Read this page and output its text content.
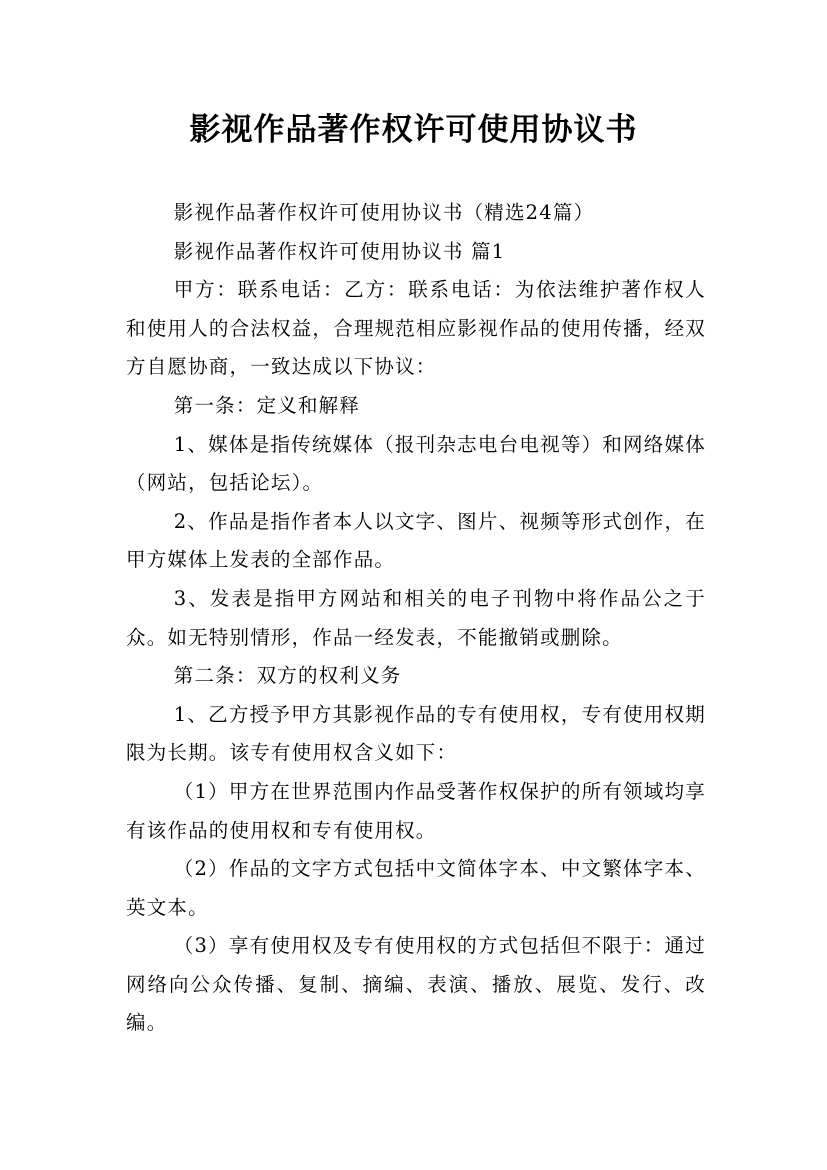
影视作品著作权许可使用协议书

影视作品著作权许可使用协议书（精选24篇）

影视作品著作权许可使用协议书 篇1

甲方：联系电话：乙方：联系电话：为依法维护著作权人和使用人的合法权益，合理规范相应影视作品的使用传播，经双方自愿协商，一致达成以下协议：

第一条：定义和解释

1、媒体是指传统媒体（报刊杂志电台电视等）和网络媒体（网站，包括论坛）。

2、作品是指作者本人以文字、图片、视频等形式创作，在甲方媒体上发表的全部作品。

3、发表是指甲方网站和相关的电子刊物中将作品公之于众。如无特别情形，作品一经发表，不能撤销或删除。

第二条：双方的权利义务

1、乙方授予甲方其影视作品的专有使用权，专有使用权期限为长期。该专有使用权含义如下：

（1）甲方在世界范围内作品受著作权保护的所有领域均享有该作品的使用权和专有使用权。

（2）作品的文字方式包括中文简体字本、中文繁体字本、英文本。

（3）享有使用权及专有使用权的方式包括但不限于：通过网络向公众传播、复制、摘编、表演、播放、展览、发行、改编。
